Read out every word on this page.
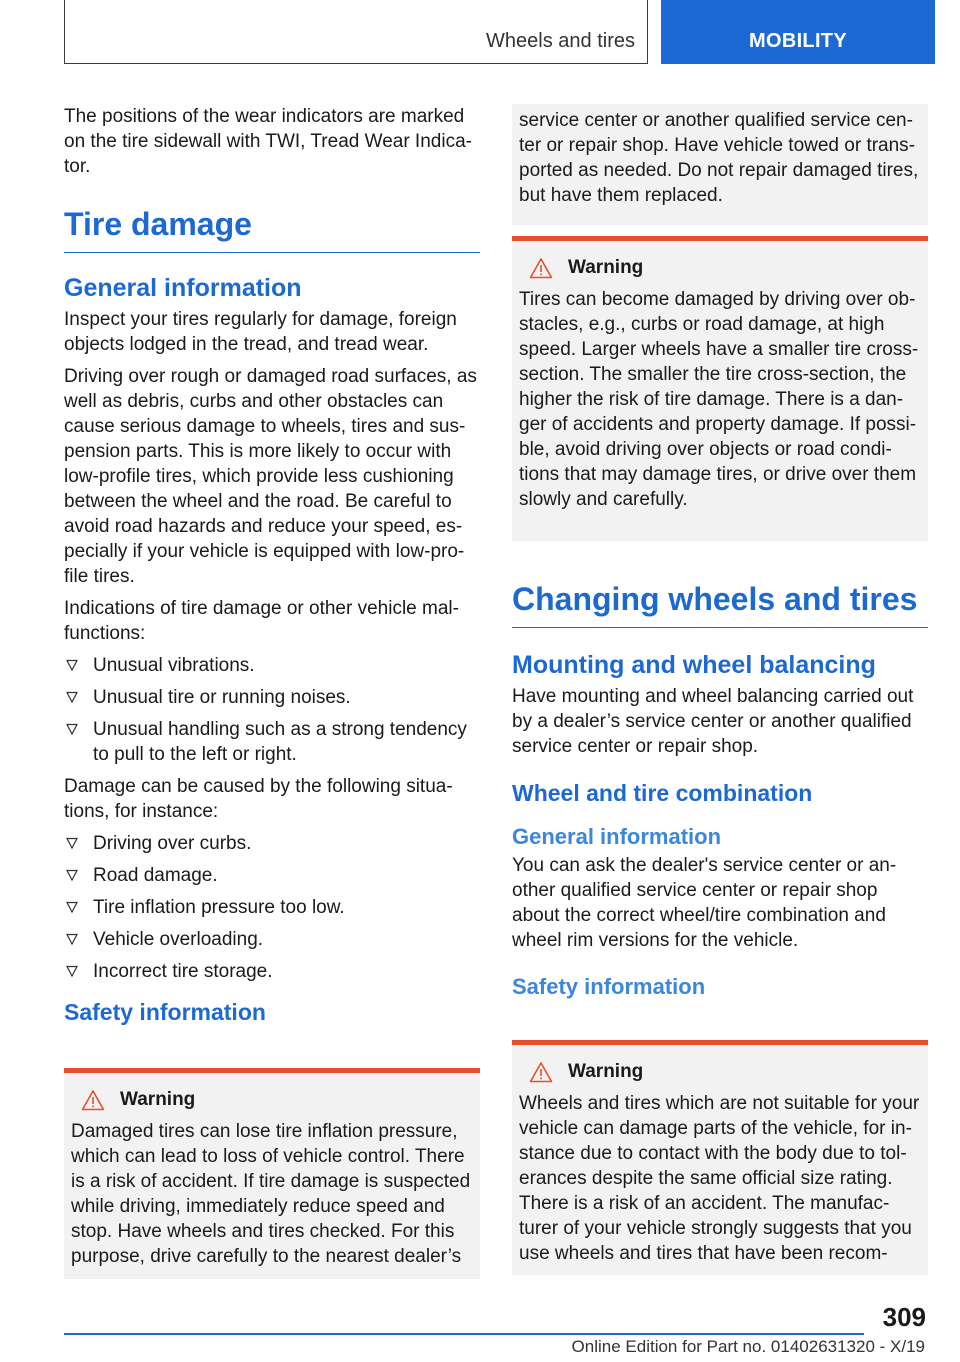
Wheels and tires	MOBILITY

The positions of the wear indicators are marked on the tire sidewall with TWI, Tread Wear Indicator.

Tire damage
General information

Inspect your tires regularly for damage, foreign objects lodged in the tread, and tread wear.

Driving over rough or damaged road surfaces, as well as debris, curbs and other obstacles can cause serious damage to wheels, tires and suspension parts. This is more likely to occur with low-profile tires, which provide less cushioning between the wheel and the road. Be careful to avoid road hazards and reduce your speed, especially if your vehicle is equipped with low-profile tires.

Indications of tire damage or other vehicle malfunctions:

Unusual vibrations.
Unusual tire or running noises.
Unusual handling such as a strong tendency to pull to the left or right.

Damage can be caused by the following situations, for instance:

Driving over curbs.
Road damage.
Tire inflation pressure too low.
Vehicle overloading.
Incorrect tire storage.
Safety information
Warning
Damaged tires can lose tire inflation pressure, which can lead to loss of vehicle control. There is a risk of accident. If tire damage is suspected while driving, immediately reduce speed and stop. Have wheels and tires checked. For this purpose, drive carefully to the nearest dealer’s
service center or another qualified service center or repair shop. Have vehicle towed or transported as needed. Do not repair damaged tires, but have them replaced.
Warning
Tires can become damaged by driving over obstacles, e.g., curbs or road damage, at high speed. Larger wheels have a smaller tire cross-section. The smaller the tire cross-section, the higher the risk of tire damage. There is a danger of accidents and property damage. If possible, avoid driving over objects or road conditions that may damage tires, or drive over them slowly and carefully.
Changing wheels and tires
Mounting and wheel balancing

Have mounting and wheel balancing carried out by a dealer’s service center or another qualified service center or repair shop.

Wheel and tire combination
General information

You can ask the dealer's service center or another qualified service center or repair shop about the correct wheel/tire combination and wheel rim versions for the vehicle.

Safety information
Warning
Wheels and tires which are not suitable for your vehicle can damage parts of the vehicle, for instance due to contact with the body due to tolerances despite the same official size rating. There is a risk of an accident. The manufacturer of your vehicle strongly suggests that you use wheels and tires that have been recom-
309
Online Edition for Part no. 01402631320 - X/19
